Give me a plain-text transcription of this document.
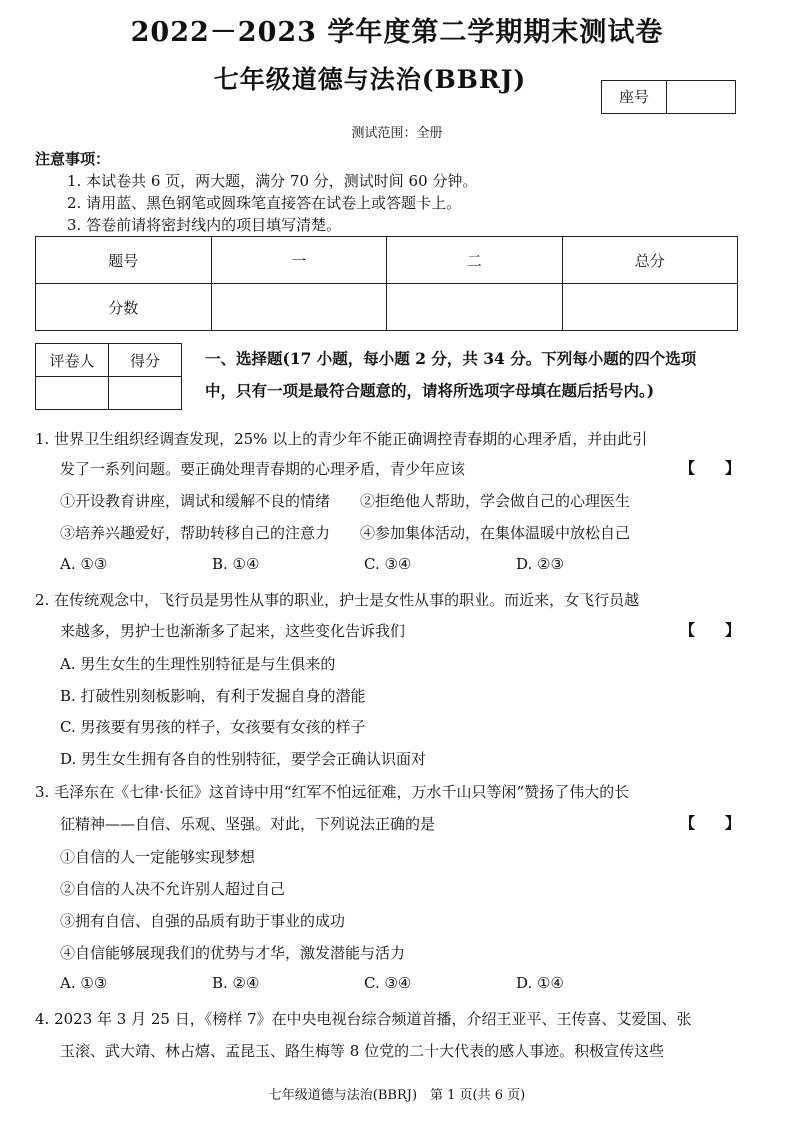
2022－2023 学年度第二学期期末测试卷
七年级道德与法治(BBRJ)
座号
测试范围：全册
注意事项：
1. 本试卷共 6 页，两大题，满分 70 分，测试时间 60 分钟。
2. 请用蓝、黑色钢笔或圆珠笔直接答在试卷上或答题卡上。
3. 答卷前请将密封线内的项目填写清楚。
题号	一	二	总分
分数			
评卷人	得分
		一、选择题(17 小题，每小题 2 分，共 34 分。下列每小题的四个选项
中，只有一项是最符合题意的，请将所选项字母填在题后括号内。)
1. 世界卫生组织经调查发现，25% 以上的青少年不能正确调控青春期的心理矛盾，并由此引
发了一系列问题。要正确处理青春期的心理矛盾，青少年应该	【　　】
①开设教育讲座，调试和缓解不良的情绪　　②拒绝他人帮助，学会做自己的心理医生
③培养兴趣爱好，帮助转移自己的注意力　　④参加集体活动，在集体温暖中放松自己
A. ①③	B. ①④	C. ③④	D. ②③
2. 在传统观念中，飞行员是男性从事的职业，护士是女性从事的职业。而近来，女飞行员越
来越多，男护士也渐渐多了起来，这些变化告诉我们	【　　】
A. 男生女生的生理性别特征是与生俱来的
B. 打破性别刻板影响，有利于发掘自身的潜能
C. 男孩要有男孩的样子，女孩要有女孩的样子
D. 男生女生拥有各自的性别特征，要学会正确认识面对
3. 毛泽东在《七律·长征》这首诗中用“红军不怕远征难，万水千山只等闲”赞扬了伟大的长
征精神——自信、乐观、坚强。对此，下列说法正确的是	【　　】
①自信的人一定能够实现梦想
②自信的人决不允许别人超过自己
③拥有自信、自强的品质有助于事业的成功
④自信能够展现我们的优势与才华，激发潜能与活力
A. ①③	B. ②④	C. ③④	D. ①④
4. 2023 年 3 月 25 日，《榜样 7》在中央电视台综合频道首播，介绍王亚平、王传喜、艾爱国、张
玉滚、武大靖、林占熺、孟昆玉、路生梅等 8 位党的二十大代表的感人事迹。积极宣传这些
七年级道德与法治(BBRJ)　第 1 页(共 6 页)
